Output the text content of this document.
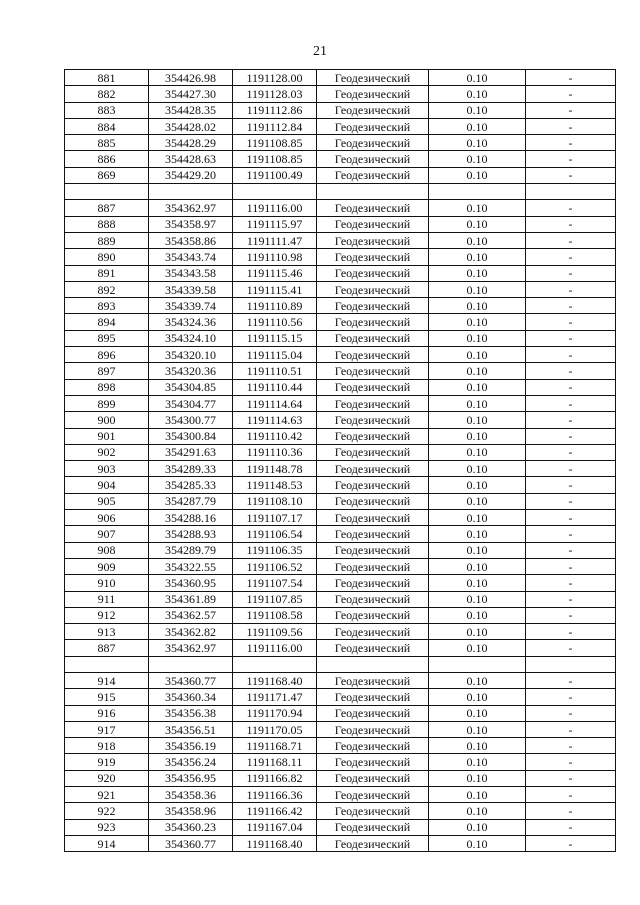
21
881	354426.98	1191128.00	Геодезический	0.10	-
882	354427.30	1191128.03	Геодезический	0.10	-
883	354428.35	1191112.86	Геодезический	0.10	-
884	354428.02	1191112.84	Геодезический	0.10	-
885	354428.29	1191108.85	Геодезический	0.10	-
886	354428.63	1191108.85	Геодезический	0.10	-
869	354429.20	1191100.49	Геодезический	0.10	-

887	354362.97	1191116.00	Геодезический	0.10	-
888	354358.97	1191115.97	Геодезический	0.10	-
889	354358.86	1191111.47	Геодезический	0.10	-
890	354343.74	1191110.98	Геодезический	0.10	-
891	354343.58	1191115.46	Геодезический	0.10	-
892	354339.58	1191115.41	Геодезический	0.10	-
893	354339.74	1191110.89	Геодезический	0.10	-
894	354324.36	1191110.56	Геодезический	0.10	-
895	354324.10	1191115.15	Геодезический	0.10	-
896	354320.10	1191115.04	Геодезический	0.10	-
897	354320.36	1191110.51	Геодезический	0.10	-
898	354304.85	1191110.44	Геодезический	0.10	-
899	354304.77	1191114.64	Геодезический	0.10	-
900	354300.77	1191114.63	Геодезический	0.10	-
901	354300.84	1191110.42	Геодезический	0.10	-
902	354291.63	1191110.36	Геодезический	0.10	-
903	354289.33	1191148.78	Геодезический	0.10	-
904	354285.33	1191148.53	Геодезический	0.10	-
905	354287.79	1191108.10	Геодезический	0.10	-
906	354288.16	1191107.17	Геодезический	0.10	-
907	354288.93	1191106.54	Геодезический	0.10	-
908	354289.79	1191106.35	Геодезический	0.10	-
909	354322.55	1191106.52	Геодезический	0.10	-
910	354360.95	1191107.54	Геодезический	0.10	-
911	354361.89	1191107.85	Геодезический	0.10	-
912	354362.57	1191108.58	Геодезический	0.10	-
913	354362.82	1191109.56	Геодезический	0.10	-
887	354362.97	1191116.00	Геодезический	0.10	-

914	354360.77	1191168.40	Геодезический	0.10	-
915	354360.34	1191171.47	Геодезический	0.10	-
916	354356.38	1191170.94	Геодезический	0.10	-
917	354356.51	1191170.05	Геодезический	0.10	-
918	354356.19	1191168.71	Геодезический	0.10	-
919	354356.24	1191168.11	Геодезический	0.10	-
920	354356.95	1191166.82	Геодезический	0.10	-
921	354358.36	1191166.36	Геодезический	0.10	-
922	354358.96	1191166.42	Геодезический	0.10	-
923	354360.23	1191167.04	Геодезический	0.10	-
914	354360.77	1191168.40	Геодезический	0.10	-
